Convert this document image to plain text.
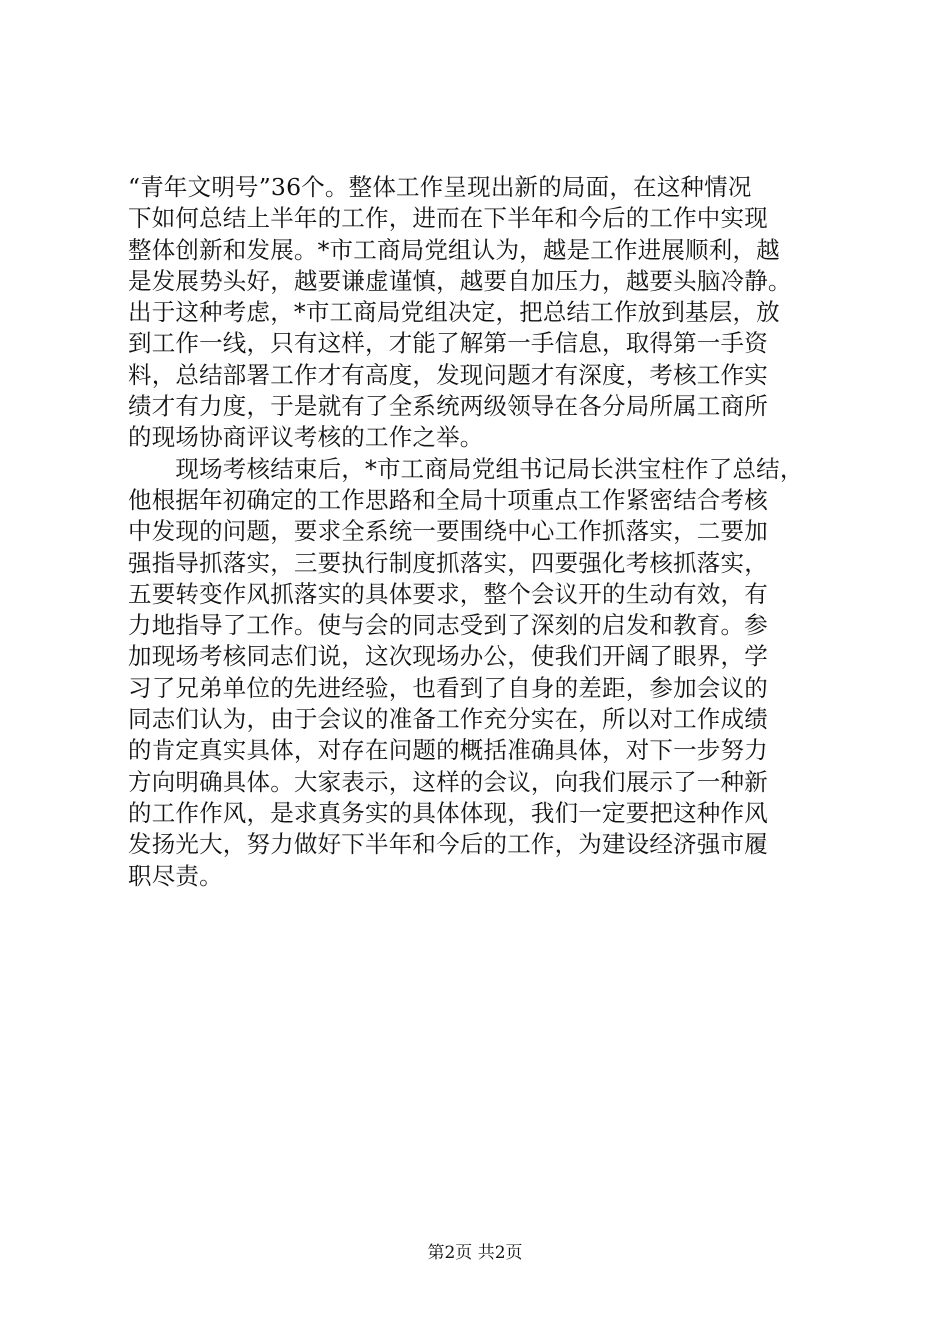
“青年文明号”36个。整体工作呈现出新的局面，在这种情况
下如何总结上半年的工作，进而在下半年和今后的工作中实现
整体创新和发展。*市工商局党组认为，越是工作进展顺利，越
是发展势头好，越要谦虚谨慎，越要自加压力，越要头脑冷静。
出于这种考虑，*市工商局党组决定，把总结工作放到基层，放
到工作一线，只有这样，才能了解第一手信息，取得第一手资
料，总结部署工作才有高度，发现问题才有深度，考核工作实
绩才有力度，于是就有了全系统两级领导在各分局所属工商所
的现场协商评议考核的工作之举。
　　现场考核结束后，*市工商局党组书记局长洪宝柱作了总结，
他根据年初确定的工作思路和全局十项重点工作紧密结合考核
中发现的问题，要求全系统一要围绕中心工作抓落实，二要加
强指导抓落实，三要执行制度抓落实，四要强化考核抓落实，
五要转变作风抓落实的具体要求，整个会议开的生动有效，有
力地指导了工作。使与会的同志受到了深刻的启发和教育。参
加现场考核同志们说，这次现场办公，使我们开阔了眼界，学
习了兄弟单位的先进经验，也看到了自身的差距，参加会议的
同志们认为，由于会议的准备工作充分实在，所以对工作成绩
的肯定真实具体，对存在问题的概括准确具体，对下一步努力
方向明确具体。大家表示，这样的会议，向我们展示了一种新
的工作作风，是求真务实的具体体现，我们一定要把这种作风
发扬光大，努力做好下半年和今后的工作，为建设经济强市履
职尽责。
第2页 共2页
